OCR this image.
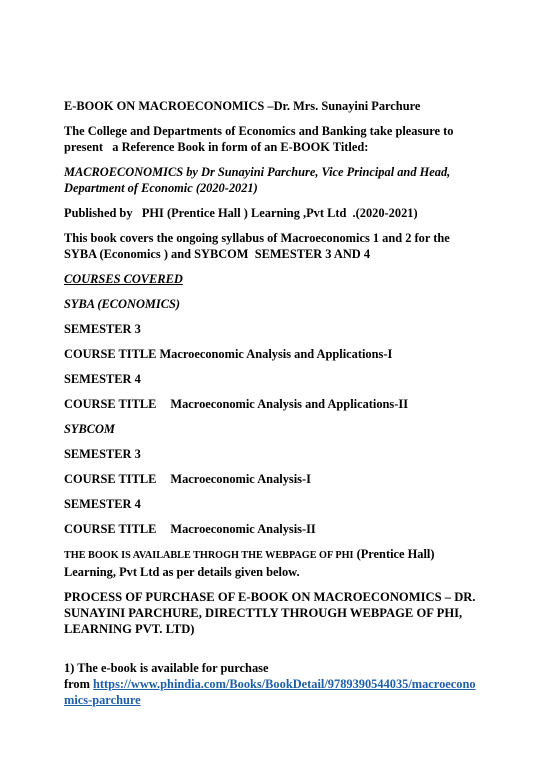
E-BOOK ON MACROECONOMICS –Dr. Mrs. Sunayini Parchure
The College and Departments of Economics and Banking take pleasure to
present   a Reference Book in form of an E-BOOK Titled:
MACROECONOMICS by Dr Sunayini Parchure, Vice Principal and Head,
Department of Economic (2020-2021)
Published by   PHI (Prentice Hall ) Learning ,Pvt Ltd  .(2020-2021)
This book covers the ongoing syllabus of Macroeconomics 1 and 2 for the
SYBA (Economics ) and SYBCOM  SEMESTER 3 AND 4
COURSES COVERED
SYBA (ECONOMICS)
SEMESTER 3
COURSE TITLE Macroeconomic Analysis and Applications-I
SEMESTER 4
COURSE TITLE Macroeconomic Analysis and Applications-II
SYBCOM
SEMESTER 3
COURSE TITLE Macroeconomic Analysis-I
SEMESTER 4
COURSE TITLE Macroeconomic Analysis-II
THE BOOK IS AVAILABLE THROGH THE WEBPAGE OF PHI (Prentice Hall)
Learning, Pvt Ltd as per details given below.
PROCESS OF PURCHASE OF E-BOOK ON MACROECONOMICS – DR.
SUNAYINI PARCHURE, DIRECTTLY THROUGH WEBPAGE OF PHI,
LEARNING PVT. LTD)
1) The e-book is available for purchase
from https://www.phindia.com/Books/BookDetail/9789390544035/macroecono
mics-parchure
